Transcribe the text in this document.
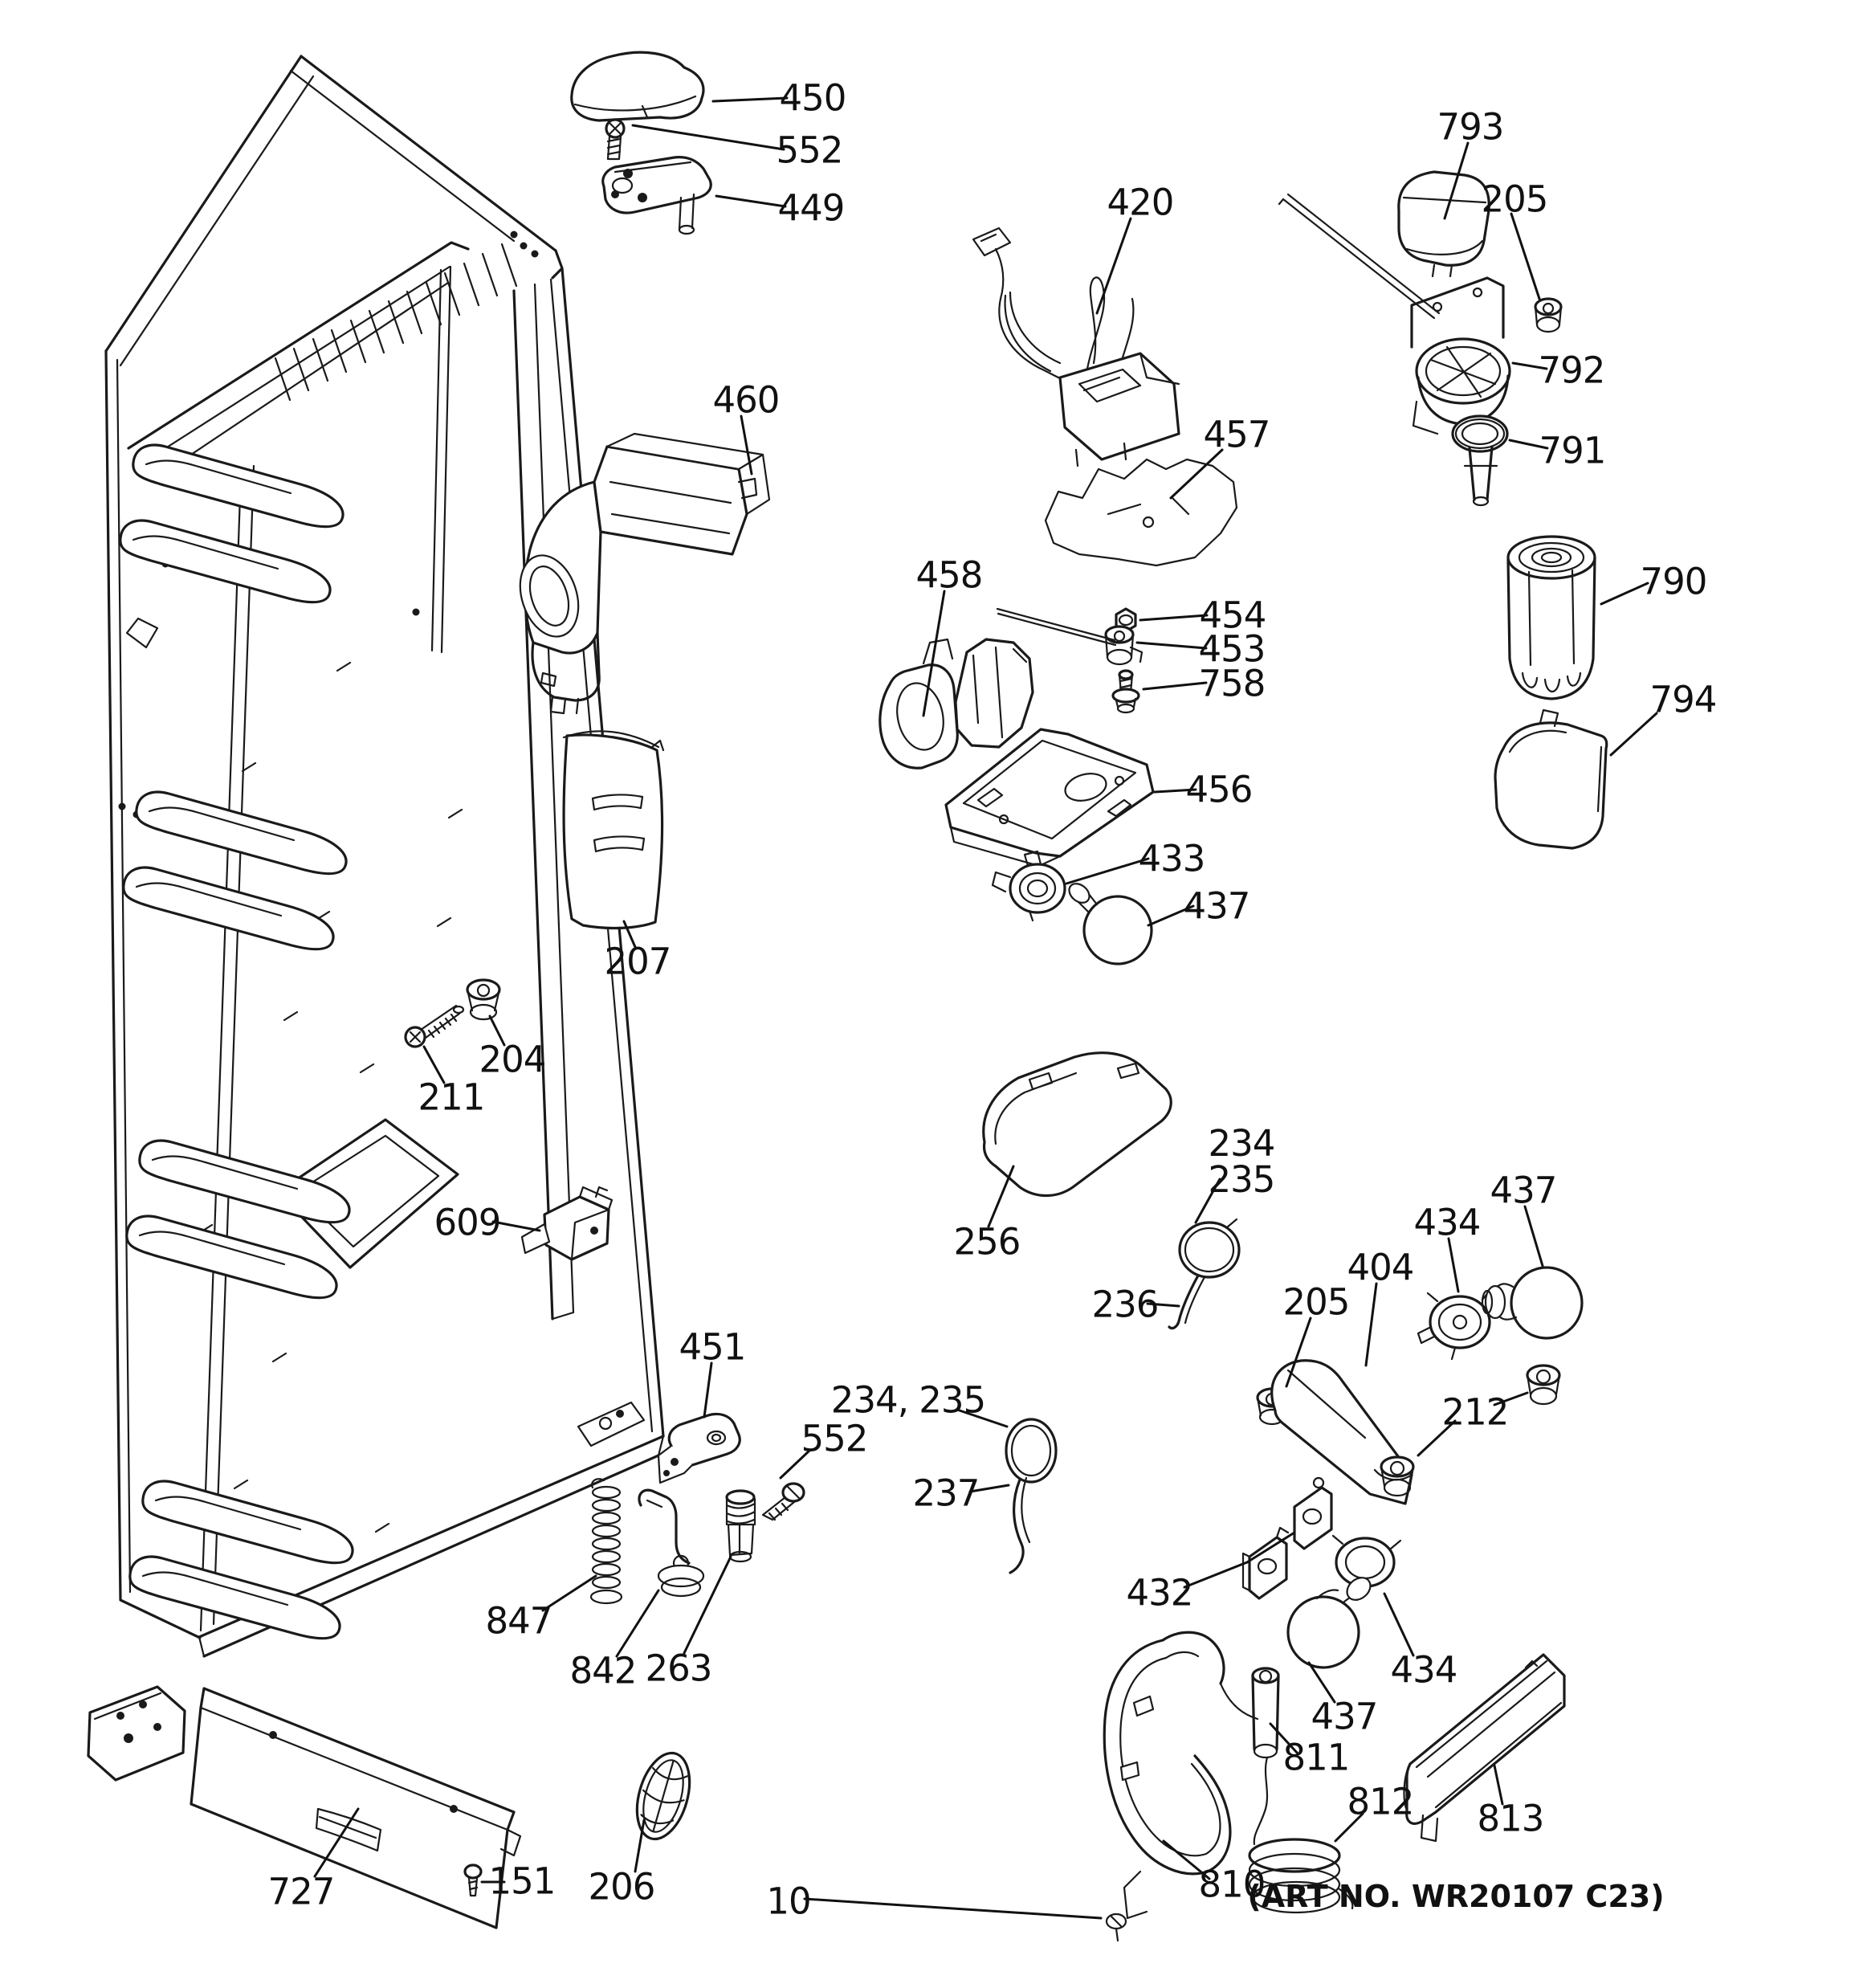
450
552
449	420
457
793
205
792
791
790
794
460
458
454
453
758
456
433
437
207
204
211
609
451
552
234, 235
237
256
234 235
236	205
404
434
437
212
432
434
437
811
812 813
810
847
842 263
727	151 206	10	(ART NO. WR20107 C23)
